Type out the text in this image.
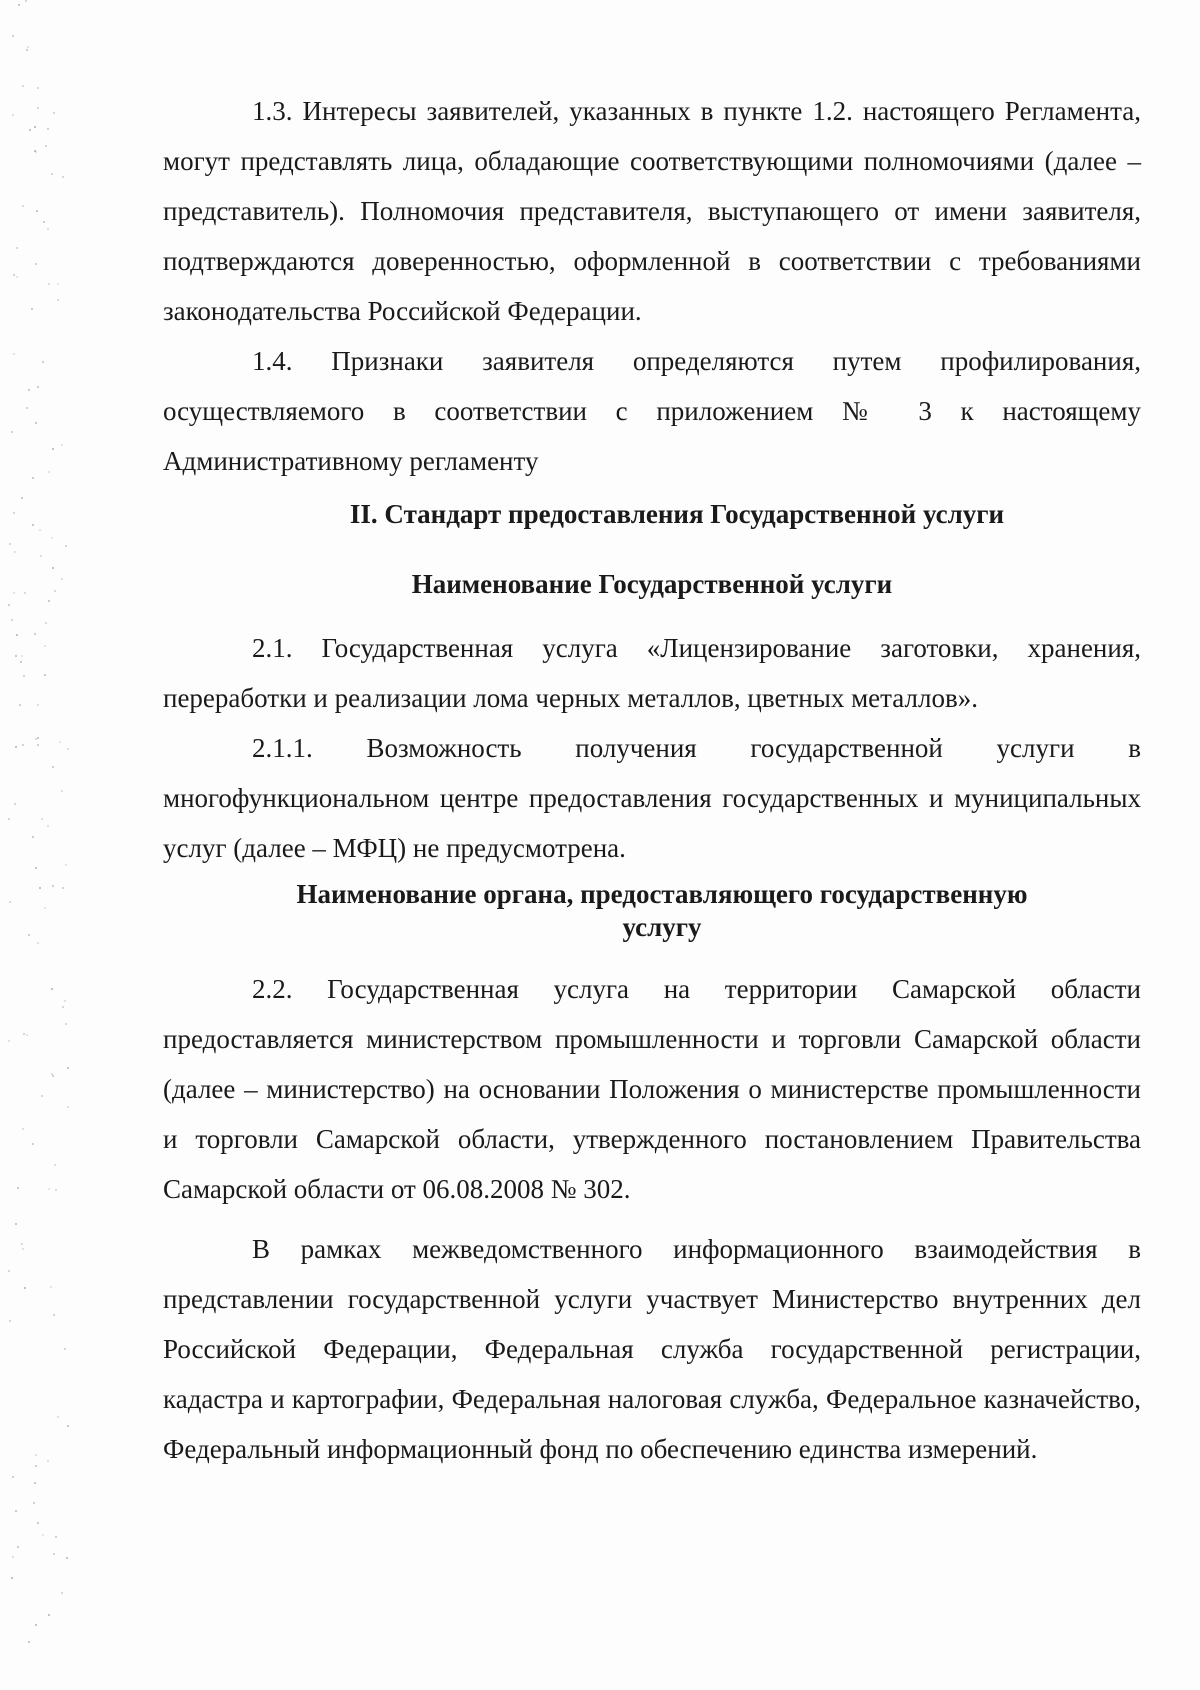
1.3. Интересы заявителей, указанных в пункте 1.2. настоящего Регламента, могут представлять лица, обладающие соответствующими полномочиями (далее – представитель). Полномочия представителя, выступающего от имени заявителя, подтверждаются доверенностью, оформленной в соответствии с требованиями законодательства Российской Федерации.

1.4. Признаки заявителя определяются путем профилирования, осуществляемого в соответствии с приложением № 3 к настоящему Административному регламенту

II. Стандарт предоставления Государственной услуги

Наименование Государственной услуги

2.1. Государственная услуга «Лицензирование заготовки, хранения, переработки и реализации лома черных металлов, цветных металлов».

2.1.1. Возможность получения государственной услуги в многофункциональном центре предоставления государственных и муниципальных услуг (далее – МФЦ) не предусмотрена.

Наименование органа, предоставляющего государственную
услугу

2.2. Государственная услуга на территории Самарской области предоставляется министерством промышленности и торговли Самарской области (далее – министерство) на основании Положения о министерстве промышленности и торговли Самарской области, утвержденного постановлением Правительства Самарской области от 06.08.2008 № 302.

В рамках межведомственного информационного взаимодействия в представлении государственной услуги участвует Министерство внутренних дел Российской Федерации, Федеральная служба государственной регистрации, кадастра и картографии, Федеральная налоговая служба, Федеральное казначейство, Федеральный информационный фонд по обеспечению единства измерений.
